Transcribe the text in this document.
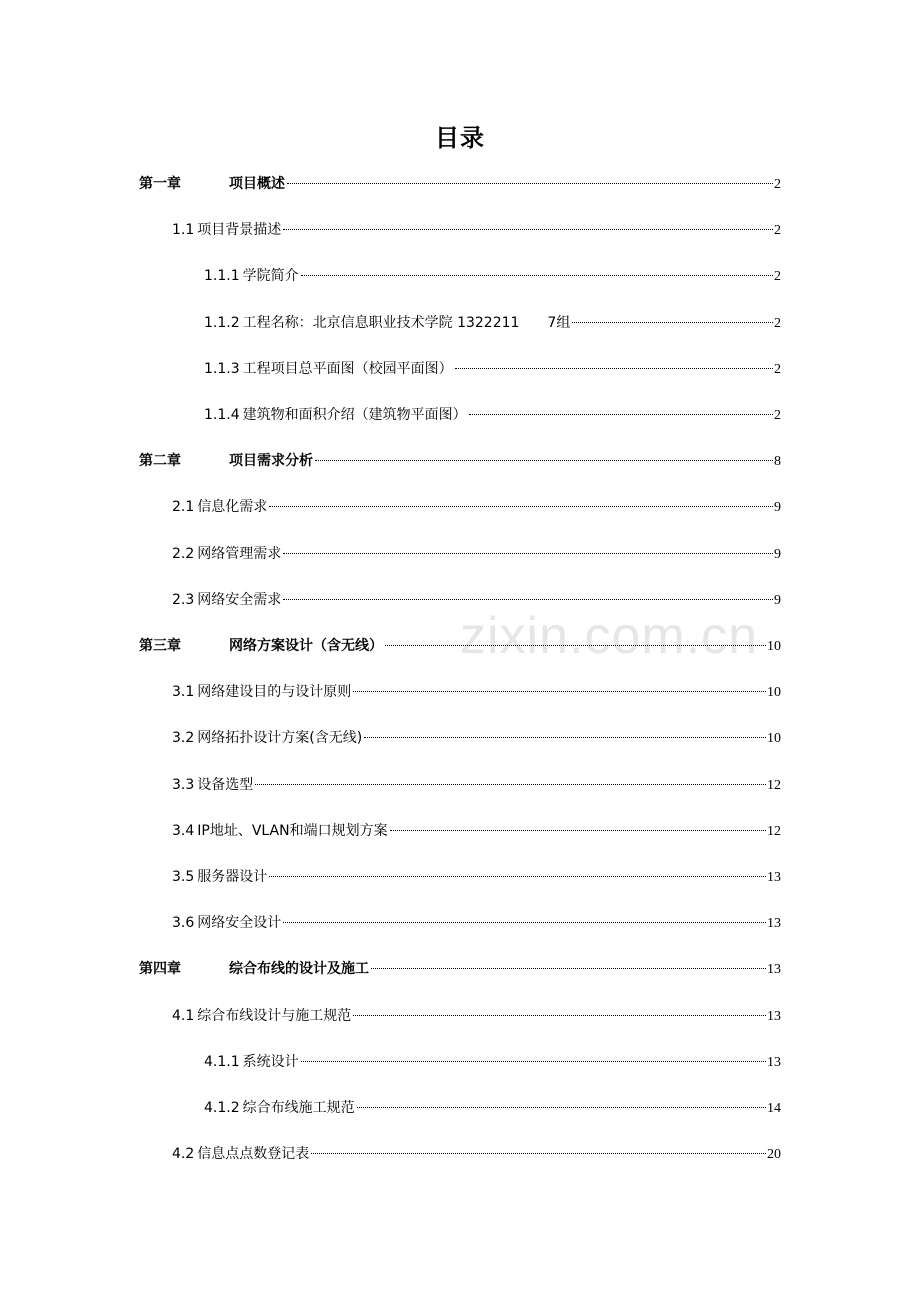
目录
zixin.com.cn
第一章	项目概述	2
1.1 项目背景描述	2
1.1.1 学院简介	2
1.1.2 工程名称：北京信息职业技术学院 1322211　　7组	2
1.1.3 工程项目总平面图（校园平面图）	2
1.1.4 建筑物和面积介绍（建筑物平面图）	2
第二章	项目需求分析	8
2.1 信息化需求	9
2.2 网络管理需求	9
2.3 网络安全需求	9
第三章	网络方案设计（含无线）	10
3.1 网络建设目的与设计原则	10
3.2 网络拓扑设计方案(含无线)	10
3.3 设备选型	12
3.4 IP地址、VLAN和端口规划方案	12
3.5 服务器设计	13
3.6 网络安全设计	13
第四章	综合布线的设计及施工	13
4.1 综合布线设计与施工规范	13
4.1.1 系统设计	13
4.1.2 综合布线施工规范	14
4.2 信息点点数登记表	20
